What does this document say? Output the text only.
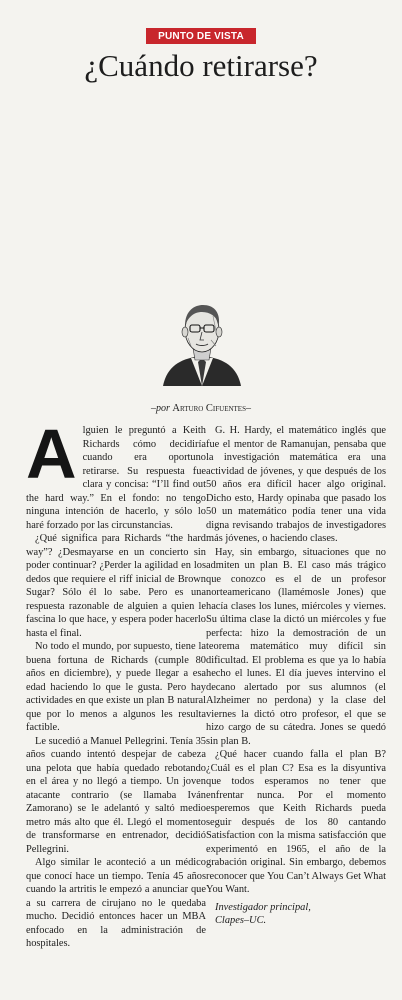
PUNTO DE VISTA
¿Cuándo retirarse?
–por Arturo Cifuentes–

Alguien le preguntó a Keith Richards cómo decidiría cuando era oportuno retirarse. Su respuesta fue clara y concisa: “I’ll find out the hard way.” En el fondo: no tengo ninguna intención de hacerlo, y sólo lo haré forzado por las circunstancias.

¿Qué significa para Richards “the hard way”? ¿Desmayarse en un concierto sin poder continuar? ¿Perder la agilidad en los dedos que requiere el riff inicial de Brown Sugar? Sólo él lo sabe. Pero es una respuesta razonable de alguien a quien le fascina lo que hace, y espera poder hacerlo hasta el final.

No todo el mundo, por supuesto, tiene la buena fortuna de Richards (cumple 80 años en diciembre), y puede llegar a esa edad haciendo lo que le gusta. Pero hay actividades en que existe un plan B natural que por lo menos a algunos les resulta factible.

Le sucedió a Manuel Pellegrini. Tenía 35 años cuando intentó despejar de cabeza una pelota que había quedado rebotando en el área y no llegó a tiempo. Un joven atacante contrario (se llamaba Iván Zamorano) se le adelantó y saltó medio metro más alto que él. Llegó el momento de transformarse en entrenador, decidió Pellegrini.

Algo similar le aconteció a un médico que conocí hace un tiempo. Tenía 45 años cuando la artritis le empezó a anunciar que a su carrera de cirujano no le quedaba mucho. Decidió entonces hacer un MBA enfocado en la administración de hospitales.

G. H. Hardy, el matemático inglés que fue el mentor de Ramanujan, pensaba que la investigación matemática era una actividad de jóvenes, y que después de los 50 años era difícil hacer algo original. Dicho esto, Hardy opinaba que pasado los 50 un matemático podía tener una vida digna revisando trabajos de investigadores más jóvenes, o haciendo clases.

Hay, sin embargo, situaciones que no admiten un plan B. El caso más trágico que conozco es el de un profesor norteamericano (llamémosle Jones) que hacía clases los lunes, miércoles y viernes. Su última clase la dictó un miércoles y fue perfecta: hizo la demostración de un teorema matemático muy difícil sin dificultad. El problema es que ya lo había hecho el lunes. El día jueves intervino el decano alertado por sus alumnos (el Alzheimer no perdona) y la clase del viernes la dictó otro profesor, el que se hizo cargo de su cátedra. Jones se quedó sin plan B.

¿Qué hacer cuando falla el plan B? ¿Cuál es el plan C? Esa es la disyuntiva que todos esperamos no tener que enfrentar nunca. Por el momento esperemos que Keith Richards pueda seguir después de los 80 cantando Satisfaction con la misma satisfacción que experimentó en 1965, el año de la grabación original. Sin embargo, debemos reconocer que You Can’t Always Get What You Want.

Investigador principal,
Clapes–UC.
